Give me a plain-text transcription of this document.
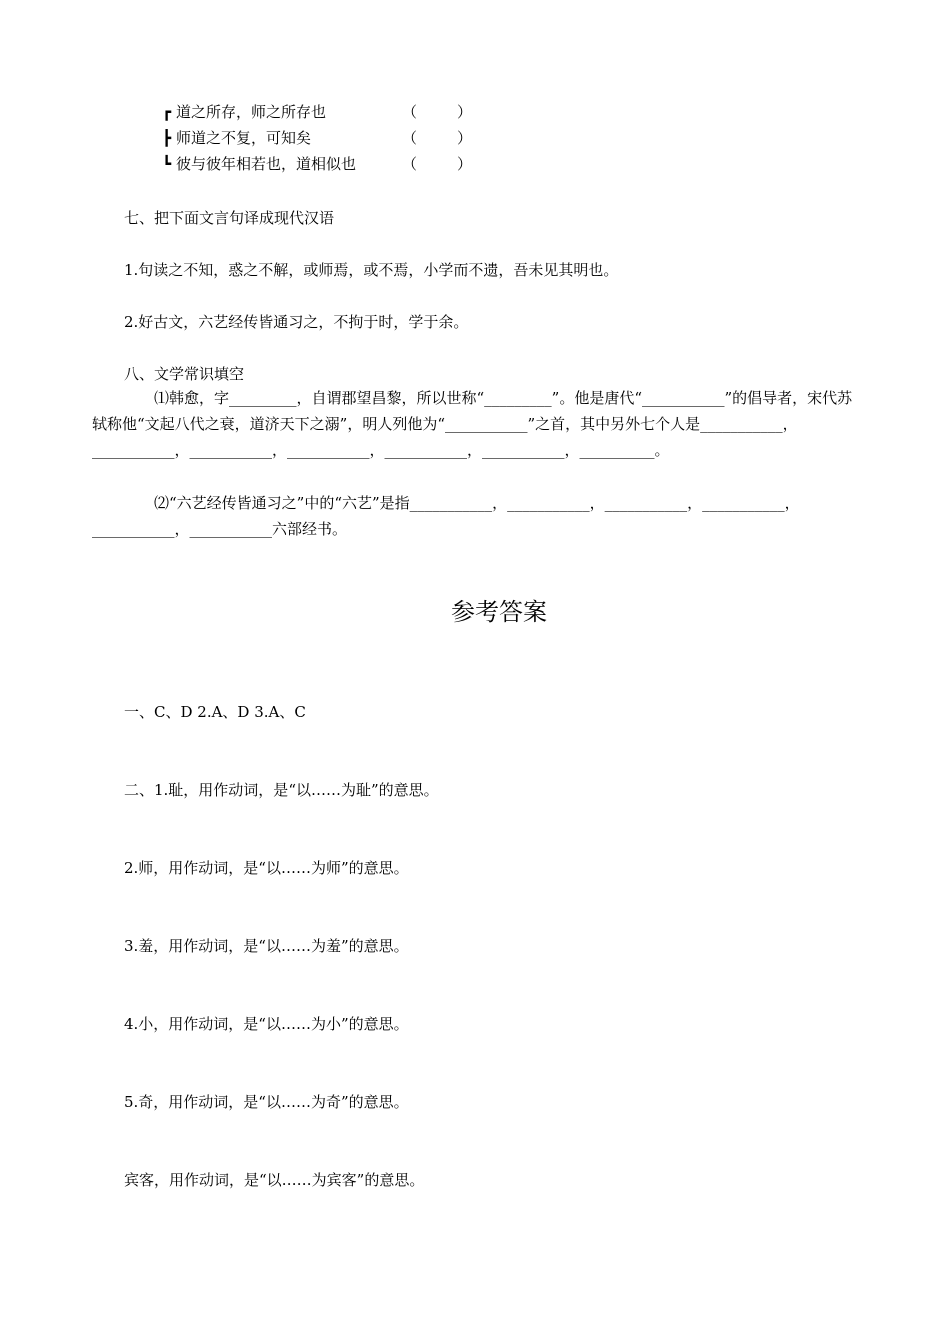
┏ 道之所存，师之所存也	（	）
┣ 师道之不复，可知矣	（	）
┗ 彼与彼年相若也，道相似也	（	）
七、把下面文言句译成现代汉语
1.句读之不知，惑之不解，或师焉，或不焉，小学而不遗，吾未见其明也。
2.好古文，六艺经传皆通习之，不拘于时，学于余。
八、文学常识填空
⑴韩愈，字_________，自谓郡望昌黎，所以世称“_________”。他是唐代“___________”的倡导者，宋代苏轼称他“文起八代之衰，道济天下之溺”，明人列他为“___________”之首，其中另外七个人是___________，___________，___________，___________，___________，___________，__________。
⑵“六艺经传皆通习之”中的“六艺”是指___________，___________，___________，___________，___________，___________六部经书。
参考答案
一、C、D 2.A、D 3.A、C
二、1.耻，用作动词，是“以……为耻”的意思。
2.师，用作动词，是“以……为师”的意思。
3.羞，用作动词，是“以……为羞”的意思。
4.小，用作动词，是“以……为小”的意思。
5.奇，用作动词，是“以……为奇”的意思。
宾客，用作动词，是“以……为宾客”的意思。
